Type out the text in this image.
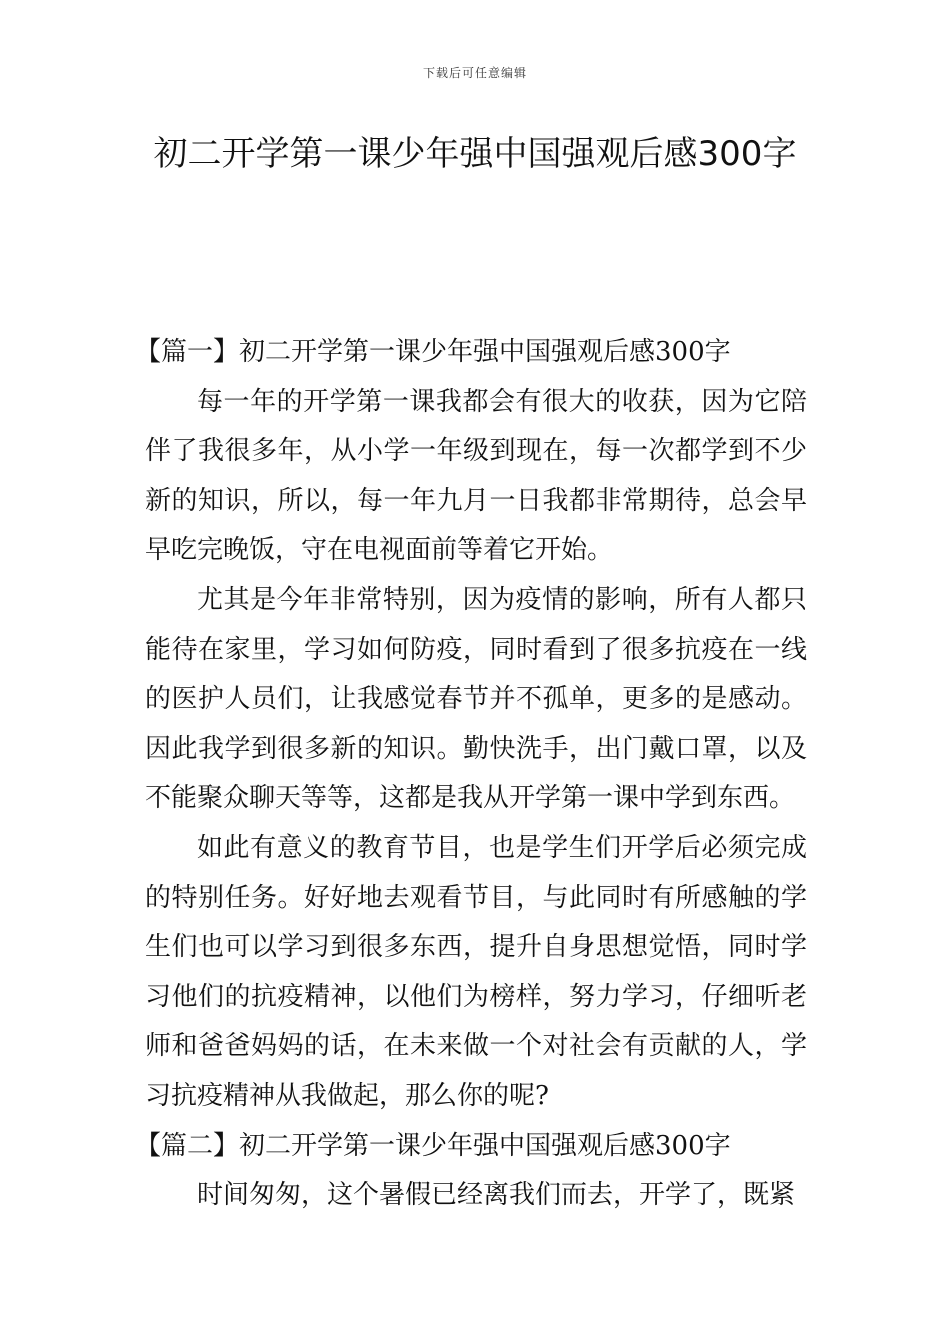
下载后可任意编辑
初二开学第一课少年强中国强观后感300字

【篇一】初二开学第一课少年强中国强观后感300字

每一年的开学第一课我都会有很大的收获，因为它陪伴了我很多年，从小学一年级到现在，每一次都学到不少新的知识，所以，每一年九月一日我都非常期待，总会早早吃完晚饭，守在电视面前等着它开始。

尤其是今年非常特别，因为疫情的影响，所有人都只能待在家里，学习如何防疫，同时看到了很多抗疫在一线的医护人员们，让我感觉春节并不孤单，更多的是感动。因此我学到很多新的知识。勤快洗手，出门戴口罩，以及不能聚众聊天等等，这都是我从开学第一课中学到东西。

如此有意义的教育节目，也是学生们开学后必须完成的特别任务。好好地去观看节目，与此同时有所感触的学生们也可以学习到很多东西，提升自身思想觉悟，同时学习他们的抗疫精神，以他们为榜样，努力学习，仔细听老师和爸爸妈妈的话，在未来做一个对社会有贡献的人，学习抗疫精神从我做起，那么你的呢?

【篇二】初二开学第一课少年强中国强观后感300字

时间匆匆，这个暑假已经离我们而去，开学了，既紧
